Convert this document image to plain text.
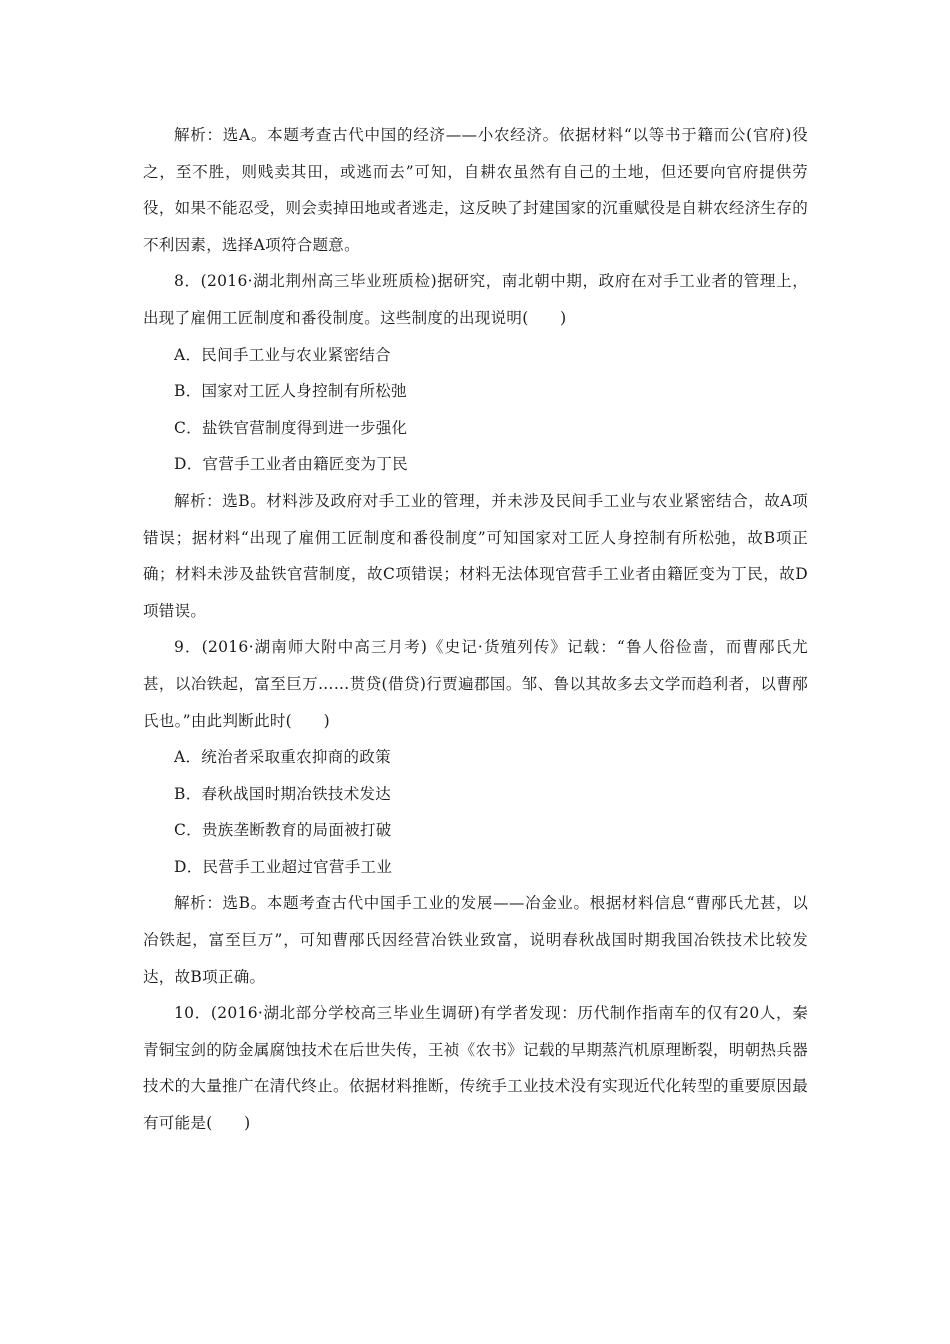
解析：选A。本题考查古代中国的经济——小农经济。依据材料“以等书于籍而公(官府)役之，至不胜，则贱卖其田，或逃而去”可知，自耕农虽然有自己的土地，但还要向官府提供劳役，如果不能忍受，则会卖掉田地或者逃走，这反映了封建国家的沉重赋役是自耕农经济生存的不利因素，选择A项符合题意。

8．(2016·湖北荆州高三毕业班质检)据研究，南北朝中期，政府在对手工业者的管理上，出现了雇佣工匠制度和番役制度。这些制度的出现说明(　　)

A．民间手工业与农业紧密结合

B．国家对工匠人身控制有所松弛

C．盐铁官营制度得到进一步强化

D．官营手工业者由籍匠变为丁民

解析：选B。材料涉及政府对手工业的管理，并未涉及民间手工业与农业紧密结合，故A项错误；据材料“出现了雇佣工匠制度和番役制度”可知国家对工匠人身控制有所松弛，故B项正确；材料未涉及盐铁官营制度，故C项错误；材料无法体现官营手工业者由籍匠变为丁民，故D项错误。

9．(2016·湖南师大附中高三月考)《史记·货殖列传》记载：“鲁人俗俭啬，而曹邴氏尤甚，以冶铁起，富至巨万……贳贷(借贷)行贾遍郡国。邹、鲁以其故多去文学而趋利者，以曹邴氏也。”由此判断此时(　　)

A．统治者采取重农抑商的政策

B．春秋战国时期冶铁技术发达

C．贵族垄断教育的局面被打破

D．民营手工业超过官营手工业

解析：选B。本题考查古代中国手工业的发展——冶金业。根据材料信息“曹邴氏尤甚，以冶铁起，富至巨万”，可知曹邴氏因经营冶铁业致富，说明春秋战国时期我国冶铁技术比较发达，故B项正确。

10．(2016·湖北部分学校高三毕业生调研)有学者发现：历代制作指南车的仅有20人，秦青铜宝剑的防金属腐蚀技术在后世失传，王祯《农书》记载的早期蒸汽机原理断裂，明朝热兵器技术的大量推广在清代终止。依据材料推断，传统手工业技术没有实现近代化转型的重要原因最有可能是(　　)
